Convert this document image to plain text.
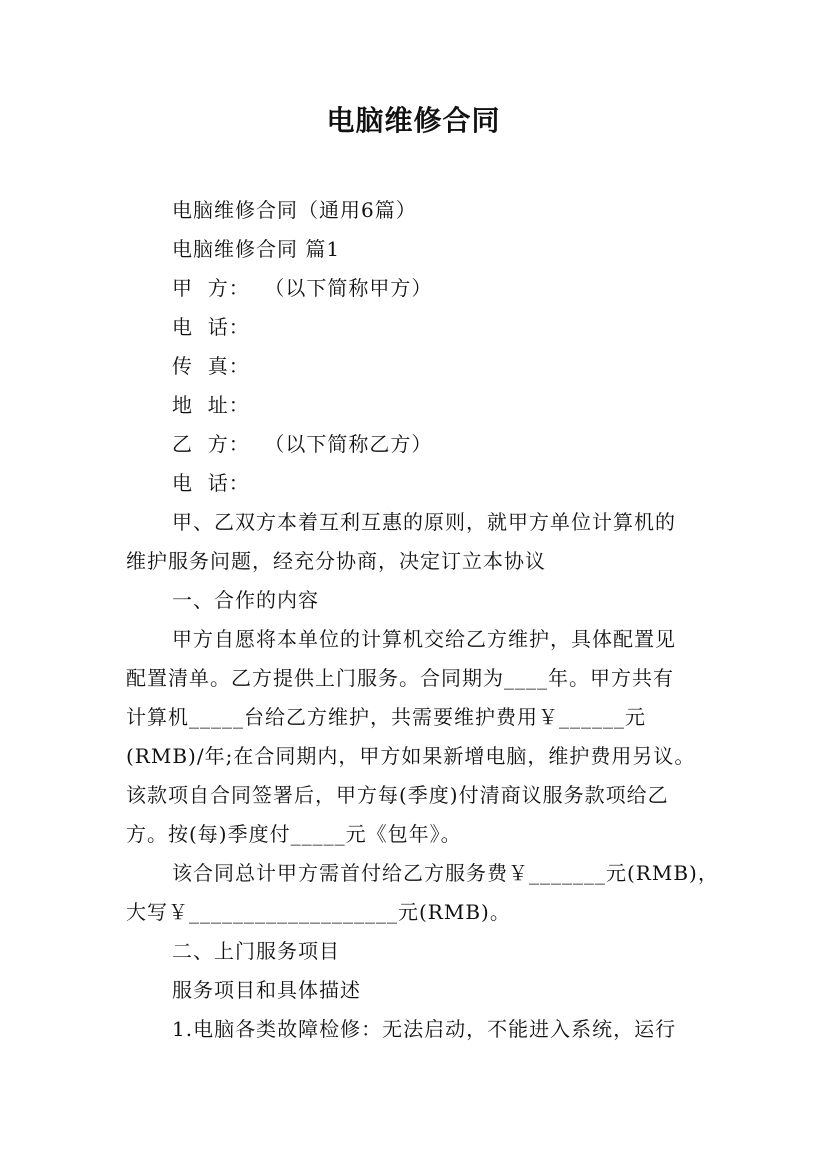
电脑维修合同
电脑维修合同（通用6篇）
电脑维修合同 篇1
甲  方：  （以下简称甲方）
电  话：
传  真：
地  址：
乙  方：  （以下简称乙方）
电  话：
甲、乙双方本着互利互惠的原则，就甲方单位计算机的
维护服务问题，经充分协商，决定订立本协议
一、合作的内容
甲方自愿将本单位的计算机交给乙方维护，具体配置见
配置清单。乙方提供上门服务。合同期为____年。甲方共有
计算机_____台给乙方维护，共需要维护费用￥______元
(RMB)/年;在合同期内，甲方如果新增电脑，维护费用另议。
该款项自合同签署后，甲方每(季度)付清商议服务款项给乙
方。按(每)季度付_____元《包年》。
该合同总计甲方需首付给乙方服务费￥_______元(RMB)，
大写￥___________________元(RMB)。
二、上门服务项目
服务项目和具体描述
1.电脑各类故障检修：无法启动，不能进入系统，运行
